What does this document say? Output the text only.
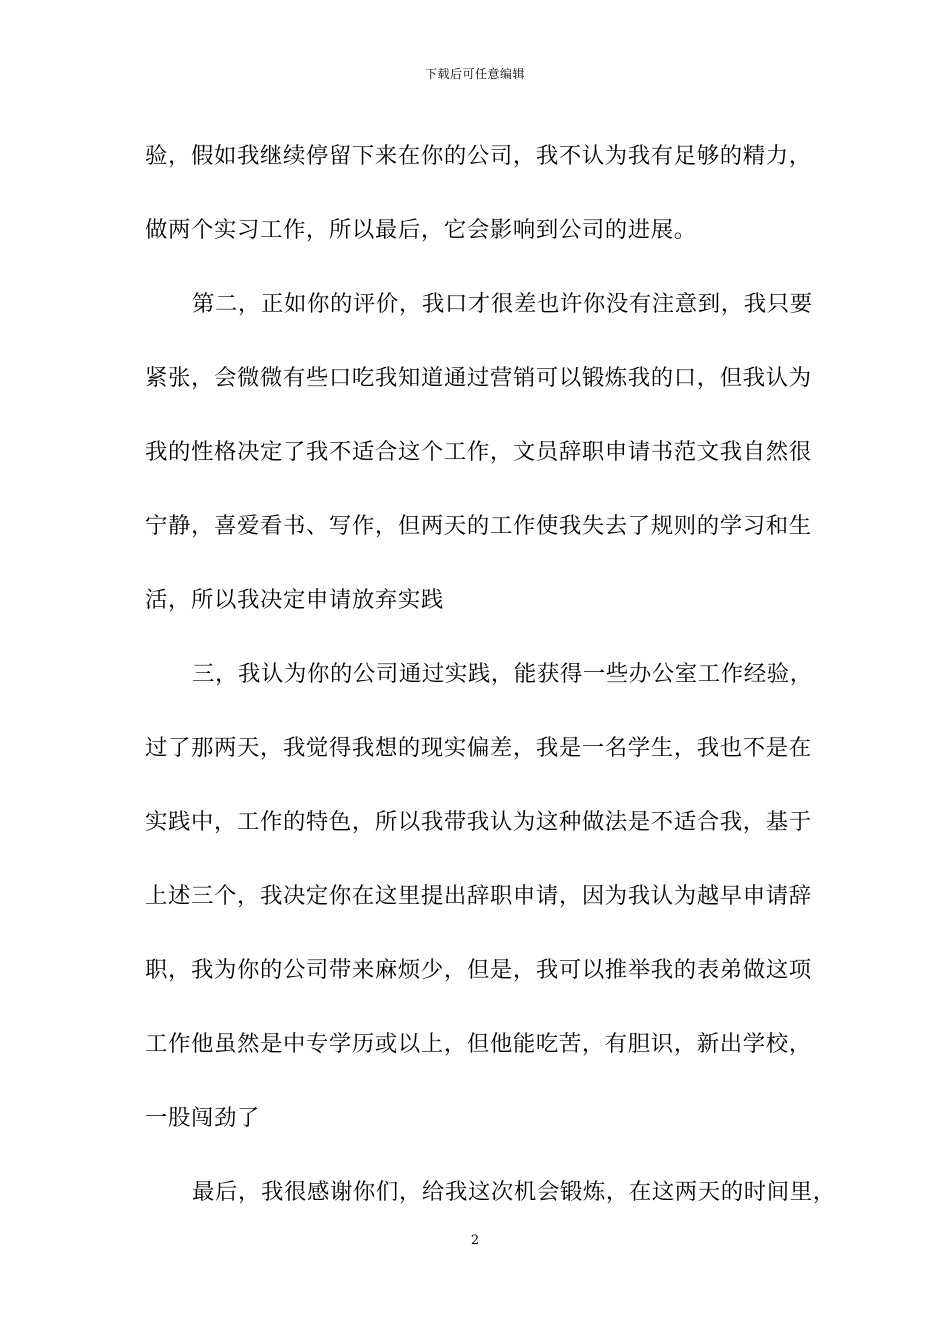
下载后可任意编辑
验，假如我继续停留下来在你的公司，我不认为我有足够的精力，
做两个实习工作，所以最后，它会影响到公司的进展。
第二，正如你的评价，我口才很差也许你没有注意到，我只要
紧张，会微微有些口吃我知道通过营销可以锻炼我的口，但我认为
我的性格决定了我不适合这个工作，文员辞职申请书范文我自然很
宁静，喜爱看书、写作，但两天的工作使我失去了规则的学习和生
活，所以我决定申请放弃实践
三，我认为你的公司通过实践，能获得一些办公室工作经验，
过了那两天，我觉得我想的现实偏差，我是一名学生，我也不是在
实践中，工作的特色，所以我带我认为这种做法是不适合我，基于
上述三个，我决定你在这里提出辞职申请，因为我认为越早申请辞
职，我为你的公司带来麻烦少，但是，我可以推举我的表弟做这项
工作他虽然是中专学历或以上，但他能吃苦，有胆识，新出学校，
一股闯劲了
最后，我很感谢你们，给我这次机会锻炼，在这两天的时间里，
2
